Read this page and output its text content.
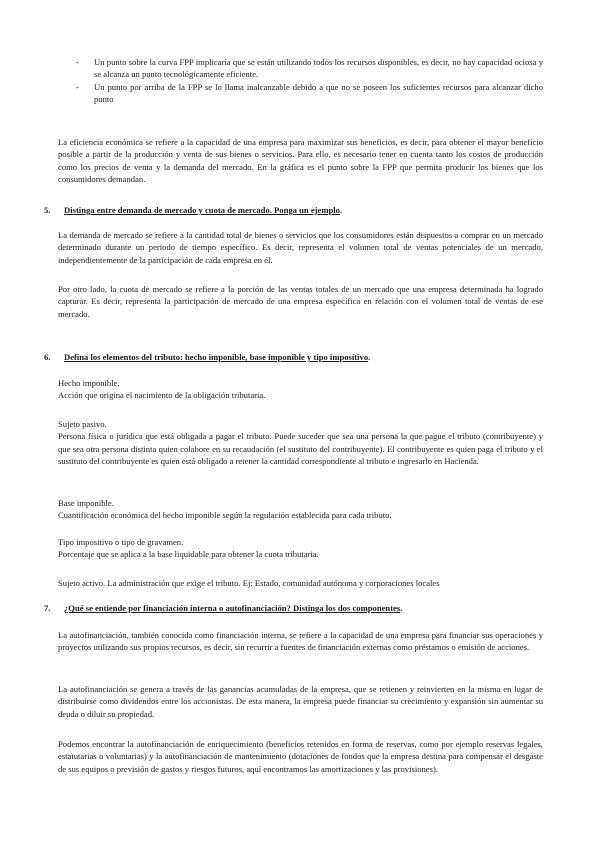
- Un punto sobre la curva FPP implicaría que se están utilizando todos los recursos disponibles, es decir, no hay capacidad ociosa y se alcanza un punto tecnológicamente eficiente.
- Un punto por arriba de la FPP se lo llama inalcanzable debido a que no se poseen los suficientes recursos para alcanzar dicho punto

La eficiencia económica se refiere a la capacidad de una empresa para maximizar sus beneficios, es decir, para obtener el mayor beneficio posible a partir de la producción y venta de sus bienes o servicios. Para ello, es necesario tener en cuenta tanto los costos de producción como los precios de venta y la demanda del mercado. En la gráfica es el punto sobre la FPP que permita producir los bienes que los consumidores demandan.

5. Distinga entre demanda de mercado y cuota de mercado. Ponga un ejemplo.

La demanda de mercado se refiere a la cantidad total de bienes o servicios que los consumidores están dispuestos a comprar en un mercado determinado durante un periodo de tiempo específico. Es decir, representa el volumen total de ventas potenciales de un mercado, independientemente de la participación de cada empresa en él.

Por otro lado, la cuota de mercado se refiere a la porción de las ventas totales de un mercado que una empresa determinada ha logrado capturar. Es decir, representa la participación de mercado de una empresa específica en relación con el volumen total de ventas de ese mercado.

6. Defina los elementos del tributo: hecho imponible, base imponible y tipo impositivo.

Hecho imponible.
Acción que origina el nacimiento de la obligación tributaria.

Sujeto pasivo.
Persona física o jurídica que está obligada a pagar el tributo. Puede suceder que sea una persona la que pague el tributo (contribuyente) y que sea otra persona distinta quien colabore en su recaudación (el sustituto del contribuyente). El contribuyente es quien paga el tributo y el sustituto del contribuyente es quien está obligado a retener la cantidad correspondiente al tributo e ingresarlo en Hacienda.

Base imponible.
Cuantificación económica del hecho imponible según la regulación establecida para cada tributo.

Tipo impositivo o tipo de gravamen.
Porcentaje que se aplica a la base liquidable para obtener la cuota tributaria.

Sujeto activo. La administración que exige el tributo. Ej: Estado, comunidad autónoma y corporaciones locales

7. ¿Qué se entiende por financiación interna o autofinanciación? Distinga los dos componentes.

La autofinanciación, también conocida como financiación interna, se refiere a la capacidad de una empresa para financiar sus operaciones y proyectos utilizando sus propios recursos, es decir, sin recurrir a fuentes de financiación externas como préstamos o emisión de acciones.

La autofinanciación se genera a través de las ganancias acumuladas de la empresa, que se retienen y reinvierten en la misma en lugar de distribuirse como dividendos entre los accionistas. De esta manera, la empresa puede financiar su crecimiento y expansión sin aumentar su deuda o diluir su propiedad.

Podemos encontrar la autofinanciación de enriquecimiento (beneficios retenidos en forma de reservas, como por ejemplo reservas legales, estatutarias o voluntarias) y la autofinanciación de mantenimiento (dotaciones de fondos que la empresa destina para compensar el desgaste de sus equipos o previsión de gastos y riesgos futuros, aquí encontramos las amortizaciones y las provisiones).
